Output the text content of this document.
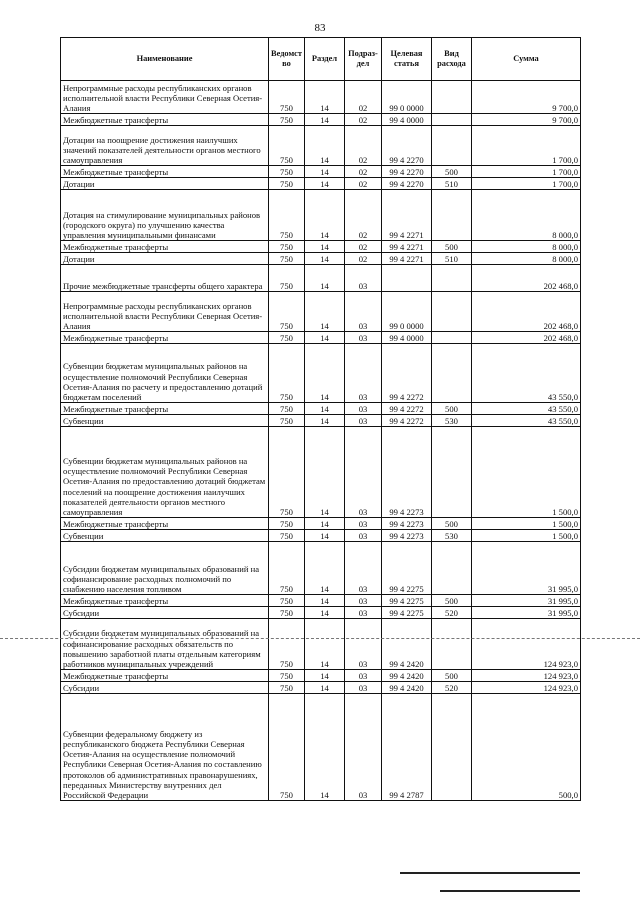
83
Наименование	Ведомст во	Раздел	Подраз- дел	Целевая статья	Вид расхода	Сумма
Непрограммные расходы республиканских органов исполнительной власти Республики Северная Осетия-Алания	750	14	02	99 0 0000		9 700,0
Межбюджетные трансферты	750	14	02	99 4 0000		9 700,0
Дотации на поощрение достижения наилучших значений показателей деятельности органов местного самоуправления	750	14	02	99 4 2270		1 700,0
Межбюджетные трансферты	750	14	02	99 4 2270	500	1 700,0
Дотации	750	14	02	99 4 2270	510	1 700,0
Дотация на стимулирование муниципальных районов (городского округа) по улучшению качества управления муниципальными финансами	750	14	02	99 4 2271		8 000,0
Межбюджетные трансферты	750	14	02	99 4 2271	500	8 000,0
Дотации	750	14	02	99 4 2271	510	8 000,0
Прочие межбюджетные трансферты общего характера	750	14	03			202 468,0
Непрограммные расходы республиканских органов исполнительной власти Республики Северная Осетия-Алания	750	14	03	99 0 0000		202 468,0
Межбюджетные трансферты	750	14	03	99 4 0000		202 468,0
Субвенции бюджетам муниципальных районов на осуществление полномочий Республики Северная Осетия-Алания по расчету и предоставлению дотаций бюджетам поселений	750	14	03	99 4 2272		43 550,0
Межбюджетные трансферты	750	14	03	99 4 2272	500	43 550,0
Субвенции	750	14	03	99 4 2272	530	43 550,0
Субвенции бюджетам муниципальных районов на осуществление полномочий Республики Северная Осетия-Алания по предоставлению дотаций бюджетам поселений на поощрение достижения наилучших показателей деятельности органов местного самоуправления	750	14	03	99 4 2273		1 500,0
Межбюджетные трансферты	750	14	03	99 4 2273	500	1 500,0
Субвенции	750	14	03	99 4 2273	530	1 500,0
Субсидии бюджетам муниципальных образований на софинансирование расходных полномочий по снабжению населения топливом	750	14	03	99 4 2275		31 995,0
Межбюджетные трансферты	750	14	03	99 4 2275	500	31 995,0
Субсидии	750	14	03	99 4 2275	520	31 995,0
Субсидии бюджетам муниципальных образований на софинансирование расходных обязательств по повышению заработной платы отдельным категориям работников муниципальных учреждений	750	14	03	99 4 2420		124 923,0
Межбюджетные трансферты	750	14	03	99 4 2420	500	124 923,0
Субсидии	750	14	03	99 4 2420	520	124 923,0
Субвенции федеральному бюджету из республиканского бюджета Республики Северная Осетия-Алания на осуществление полномочий Республики Северная Осетия-Алания по составлению протоколов об административных правонарушениях, переданных Министерству внутренних дел Российской Федерации	750	14	03	99 4 2787		500,0
